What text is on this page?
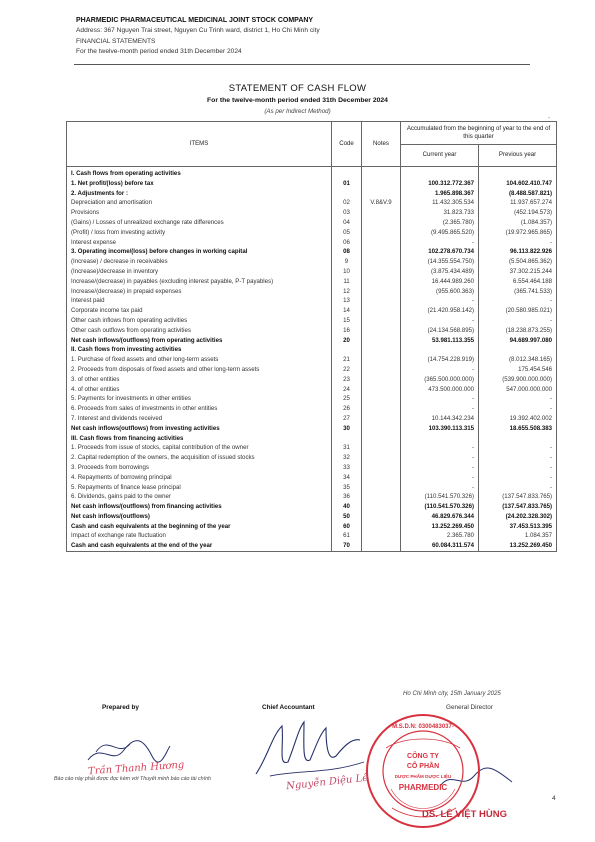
PHARMEDIC PHARMACEUTICAL MEDICINAL JOINT STOCK COMPANY
Address: 367 Nguyen Trai street, Nguyen Cu Trinh ward, district 1, Ho Chi Minh city
FINANCIAL STATEMENTS
For the twelve-month period ended 31th December 2024
-
STATEMENT OF CASH FLOW
For the twelve-month period ended 31th December 2024
(As per Indirect Method)
ITEMS	Code	Notes	Accumulated from the beginning of year to the end of this quarter	
			Current year	Previous year
I. Cash flows from operating activities				
1. Net profit/(loss) before tax	01		100.312.772.367	104.602.410.747
2. Adjustments for :			1.965.898.367	(8.488.587.821)
Depreciation and amortisation	02	V.8&V.9	11.432.305.534	11.937.657.274
Provisions	03		31.823.733	(452.194.573)
(Gains) / Losses of unrealized exchange rate differences	04		(2.365.780)	(1.084.357)
(Profit) / loss from investing activity	05		(9.495.865.520)	(19.972.965.865)
Interest expense	06		-	-
3. Operating income/(loss) before changes in working capital	08		102.278.670.734	96.113.822.926
(Increase) / decrease in receivables	9		(14.355.554.750)	(5.504.865.362)
(Increase)/decrease in inventory	10		(3.875.434.489)	37.302.215.244
Increase/(decrease) in payables (excluding interest payable, P-T payables)	11		16.444.989.260	6.554.464.188
Increase/(decrease) in prepaid expenses	12		(955.600.363)	(365.741.533)
Interest paid	13		-	-
Corporate income tax paid	14		(21.420.958.142)	(20.580.985.021)
Other cash inflows from operating activities	15		-	-
Other cash outflows from operating activities	16		(24.134.568.895)	(18.238.873.255)
Net cash inflows/(outflows) from operating activities	20		53.981.113.355	94.689.997.080
II. Cash flows from investing activities				
1. Purchase of fixed assets and other long-term assets	21		(14.754.228.919)	(8.012.348.165)
2. Proceeds from disposals of fixed assets and other long-term assets	22		-	175.454.546
3. of other entities	23		(365.500.000.000)	(539.900.000.000)
4. of other entities	24		473.500.000.000	547.000.000.000
5. Payments for investments in other entities	25		-	-
6. Proceeds from sales of investments in other entities	26		-	-
7. Interest and dividends received	27		10.144.342.234	19.392.402.002
Net cash inflows(outflows) from investing activities	30		103.390.113.315	18.655.508.383
III. Cash flows from financing activities				
1. Proceeds from issue of stocks, capital contribution of the owner	31		-	-
2. Capital redemption of the owners, the acquisition of issued stocks	32		-	-
3. Proceeds from borrowings	33		-	-
4. Repayments of borrowing principal	34		-	-
5. Repayments of finance lease principal	35		-	-
6. Dividends, gains paid to the owner	36		(110.541.570.326)	(137.547.833.765)
Net cash inflows/(outflows) from financing activities	40		(110.541.570.326)	(137.547.833.765)
Net cash inflows/(outflows)	50		46.829.676.344	(24.202.328.302)
Cash and cash equivalents at the beginning of the year	60		13.252.269.450	37.453.513.395
Impact of exchange rate fluctuation	61		2.365.780	1.084.357
Cash and cash equivalents at the end of the year	70		60.084.311.574	13.252.269.450
Ho Chi Minh city, 15th January 2025
Prepared by	Chief Accountant	General Director
M.S.D.N: 0300483037-
CÔNG TY
CỔ PHẦN
DƯỢC PHẨM DƯỢC LIỆU
PHARMEDIC
Trần Thanh Hương
Nguyễn Diệu Lê
DS. LÊ VIỆT HÙNG
Báo cáo này phải được đọc kèm với Thuyết minh báo cáo tài chính
4
